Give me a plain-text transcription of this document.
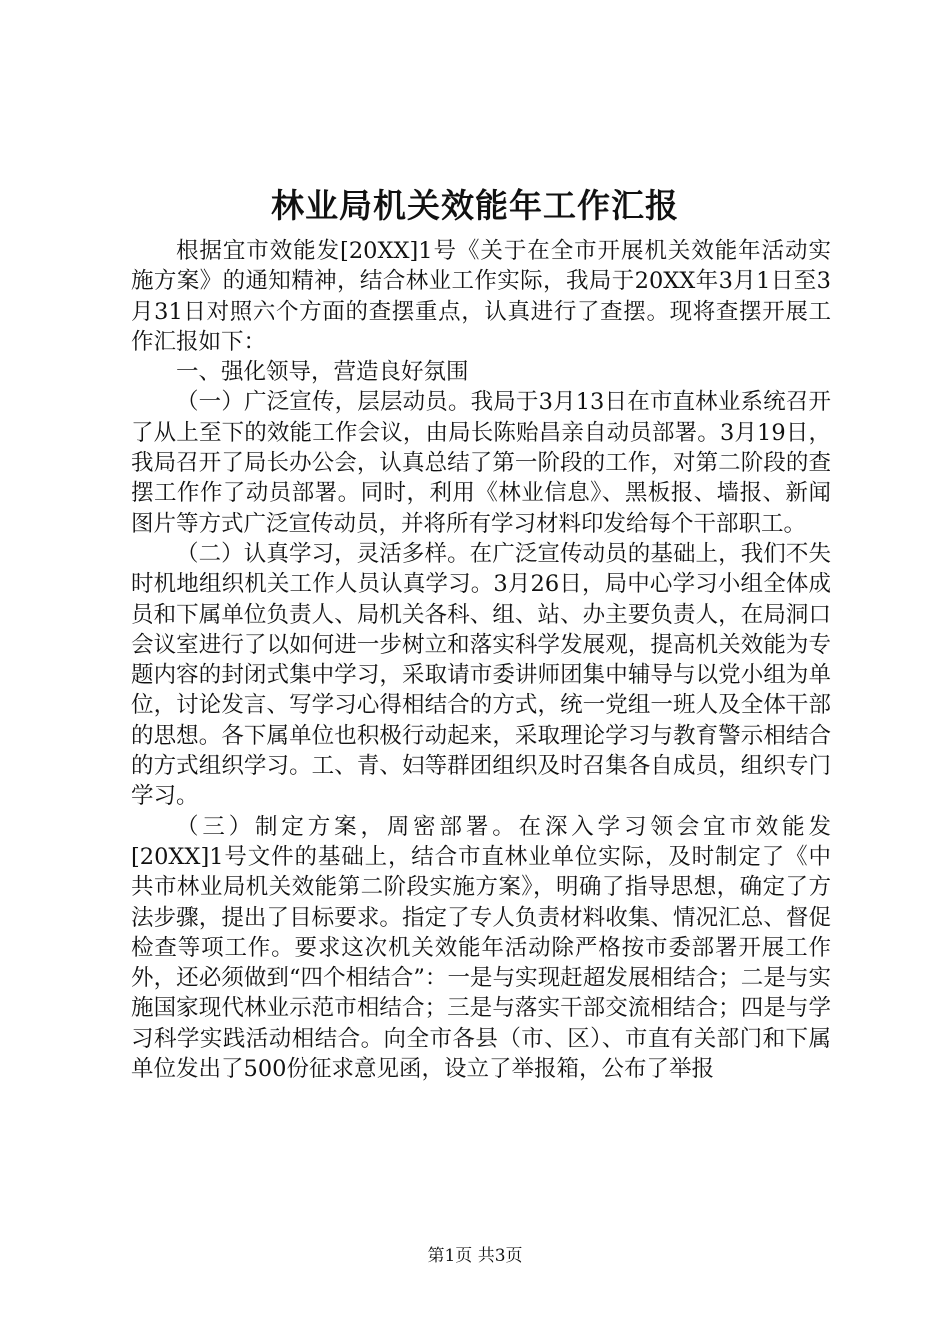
林业局机关效能年工作汇报

根据宜市效能发[20XX]1号《关于在全市开展机关效能年活动实施方案》的通知精神，结合林业工作实际，我局于20XX年3月1日至3月31日对照六个方面的查摆重点，认真进行了查摆。现将查摆开展工作汇报如下：

一、强化领导，营造良好氛围

（一）广泛宣传，层层动员。我局于3月13日在市直林业系统召开了从上至下的效能工作会议，由局长陈贻昌亲自动员部署。3月19日，我局召开了局长办公会，认真总结了第一阶段的工作，对第二阶段的查摆工作作了动员部署。同时，利用《林业信息》、黑板报、墙报、新闻图片等方式广泛宣传动员，并将所有学习材料印发给每个干部职工。

（二）认真学习，灵活多样。在广泛宣传动员的基础上，我们不失时机地组织机关工作人员认真学习。3月26日，局中心学习小组全体成员和下属单位负责人、局机关各科、组、站、办主要负责人，在局洞口会议室进行了以如何进一步树立和落实科学发展观，提高机关效能为专题内容的封闭式集中学习，采取请市委讲师团集中辅导与以党小组为单位，讨论发言、写学习心得相结合的方式，统一党组一班人及全体干部的思想。各下属单位也积极行动起来，采取理论学习与教育警示相结合的方式组织学习。工、青、妇等群团组织及时召集各自成员，组织专门学习。

（三）制定方案，周密部署。在深入学习领会宜市效能发[20XX]1号文件的基础上，结合市直林业单位实际，及时制定了《中共市林业局机关效能第二阶段实施方案》，明确了指导思想，确定了方法步骤，提出了目标要求。指定了专人负责材料收集、情况汇总、督促检查等项工作。要求这次机关效能年活动除严格按市委部署开展工作外，还必须做到“四个相结合”：一是与实现赶超发展相结合；二是与实施国家现代林业示范市相结合；三是与落实干部交流相结合；四是与学习科学实践活动相结合。向全市各县（市、区）、市直有关部门和下属单位发出了500份征求意见函，设立了举报箱，公布了举报

第1页 共3页
